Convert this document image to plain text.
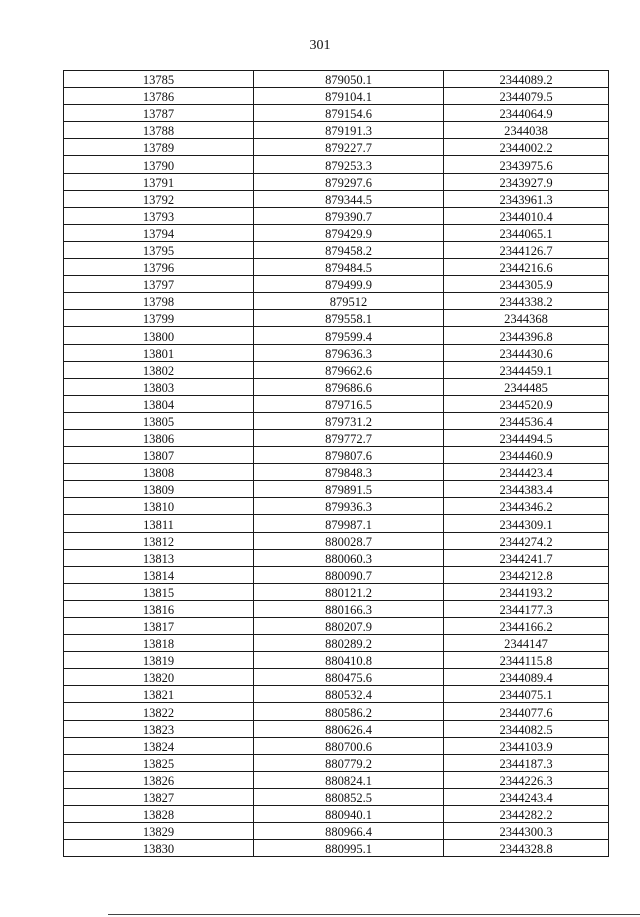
301
13785	879050.1	2344089.2
13786	879104.1	2344079.5
13787	879154.6	2344064.9
13788	879191.3	2344038
13789	879227.7	2344002.2
13790	879253.3	2343975.6
13791	879297.6	2343927.9
13792	879344.5	2343961.3
13793	879390.7	2344010.4
13794	879429.9	2344065.1
13795	879458.2	2344126.7
13796	879484.5	2344216.6
13797	879499.9	2344305.9
13798	879512	2344338.2
13799	879558.1	2344368
13800	879599.4	2344396.8
13801	879636.3	2344430.6
13802	879662.6	2344459.1
13803	879686.6	2344485
13804	879716.5	2344520.9
13805	879731.2	2344536.4
13806	879772.7	2344494.5
13807	879807.6	2344460.9
13808	879848.3	2344423.4
13809	879891.5	2344383.4
13810	879936.3	2344346.2
13811	879987.1	2344309.1
13812	880028.7	2344274.2
13813	880060.3	2344241.7
13814	880090.7	2344212.8
13815	880121.2	2344193.2
13816	880166.3	2344177.3
13817	880207.9	2344166.2
13818	880289.2	2344147
13819	880410.8	2344115.8
13820	880475.6	2344089.4
13821	880532.4	2344075.1
13822	880586.2	2344077.6
13823	880626.4	2344082.5
13824	880700.6	2344103.9
13825	880779.2	2344187.3
13826	880824.1	2344226.3
13827	880852.5	2344243.4
13828	880940.1	2344282.2
13829	880966.4	2344300.3
13830	880995.1	2344328.8
